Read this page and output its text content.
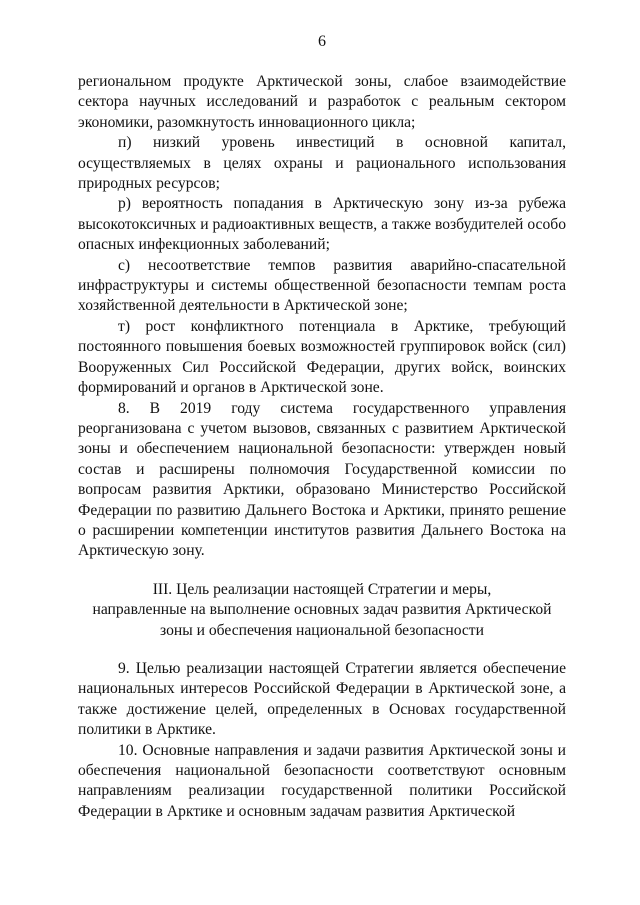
6

региональном продукте Арктической зоны, слабое взаимодействие сектора научных исследований и разработок с реальным сектором экономики, разомкнутость инновационного цикла;

п) низкий уровень инвестиций в основной капитал, осуществляемых в целях охраны и рационального использования природных ресурсов;

р) вероятность попадания в Арктическую зону из-за рубежа высокотоксичных и радиоактивных веществ, а также возбудителей особо опасных инфекционных заболеваний;

с) несоответствие темпов развития аварийно-спасательной инфраструктуры и системы общественной безопасности темпам роста хозяйственной деятельности в Арктической зоне;

т) рост конфликтного потенциала в Арктике, требующий постоянного повышения боевых возможностей группировок войск (сил) Вооруженных Сил Российской Федерации, других войск, воинских формирований и органов в Арктической зоне.

8. В 2019 году система государственного управления реорганизована с учетом вызовов, связанных с развитием Арктической зоны и обеспечением национальной безопасности: утвержден новый состав и расширены полномочия Государственной комиссии по вопросам развития Арктики, образовано Министерство Российской Федерации по развитию Дальнего Востока и Арктики, принято решение о расширении компетенции институтов развития Дальнего Востока на Арктическую зону.

III. Цель реализации настоящей Стратегии и меры,
направленные на выполнение основных задач развития Арктической
зоны и обеспечения национальной безопасности

9. Целью реализации настоящей Стратегии является обеспечение национальных интересов Российской Федерации в Арктической зоне, а также достижение целей, определенных в Основах государственной политики в Арктике.

10. Основные направления и задачи развития Арктической зоны и обеспечения национальной безопасности соответствуют основным направлениям реализации государственной политики Российской Федерации в Арктике и основным задачам развития Арктической
